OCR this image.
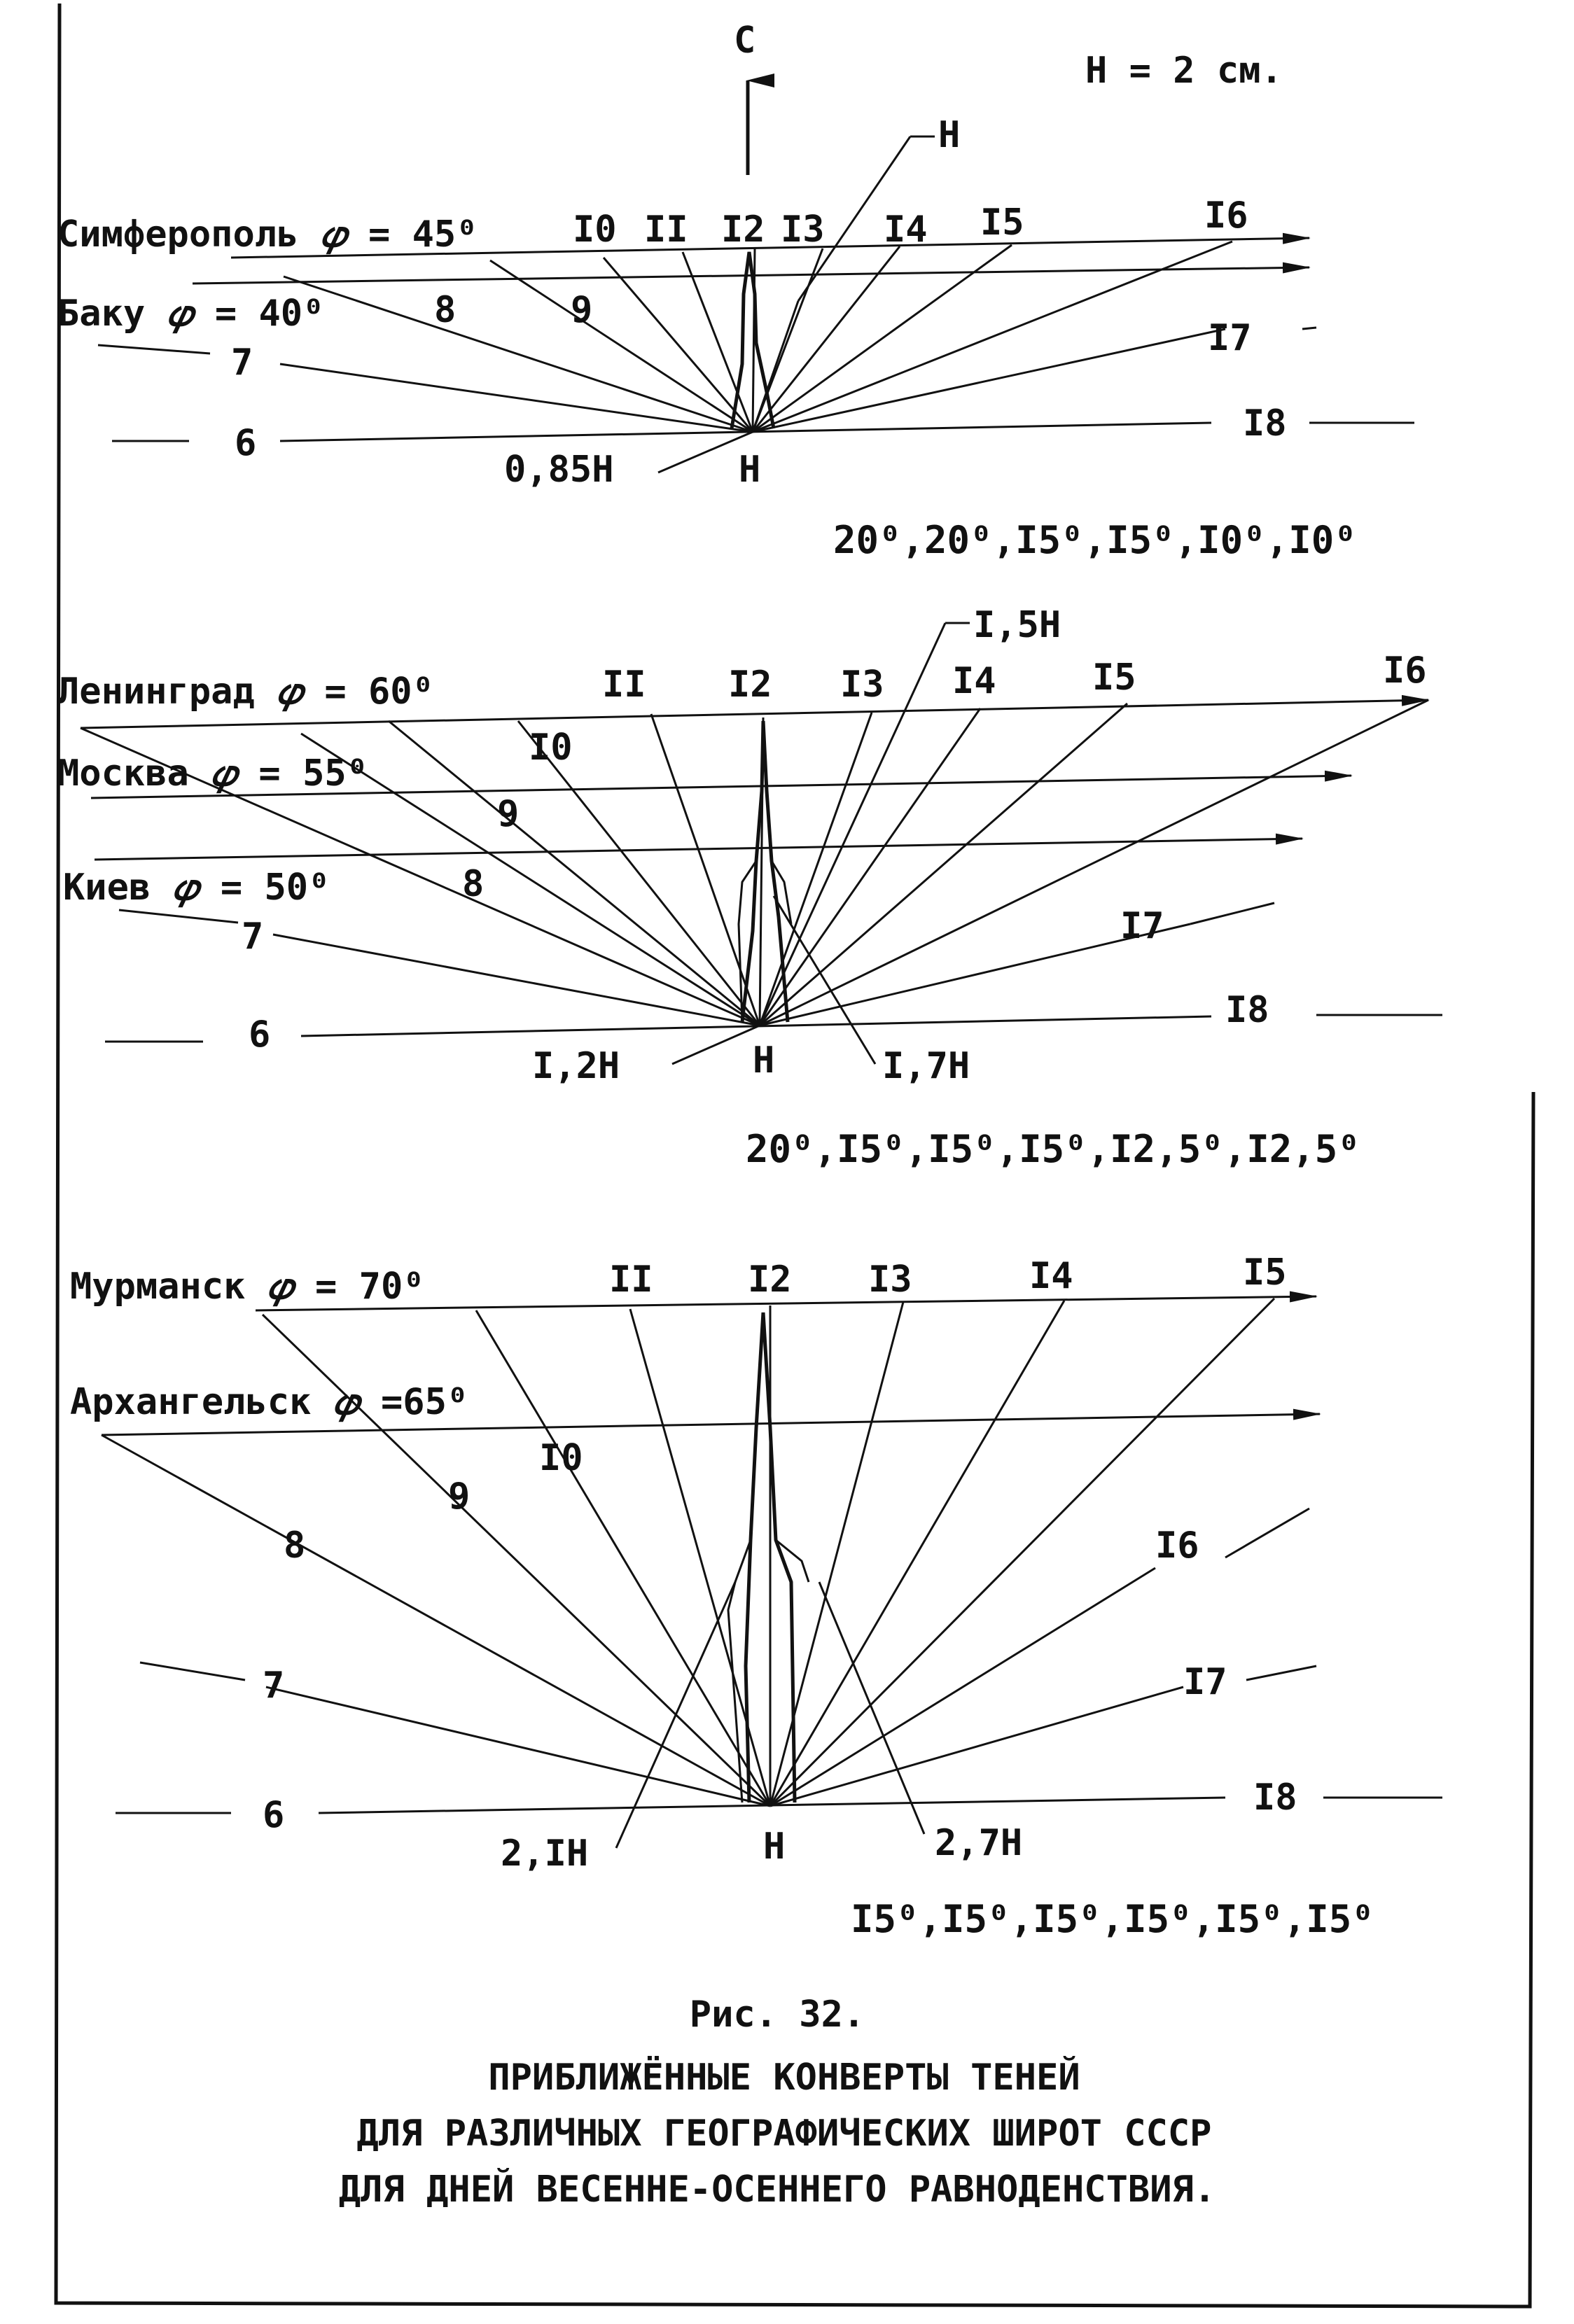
С
Н = 2 см.
Симферополь 𝜑 = 45⁰
Баку 𝜑 = 40⁰
I0 II I2 I3 I4 I5	I6
8	9
7
6
I7
I8
Н
0,85Н	Н
20⁰,20⁰,I5⁰,I5⁰,I0⁰,I0⁰
Ленинград 𝜑 = 60⁰
Москва 𝜑 = 55⁰
Киев 𝜑 = 50⁰
II I2 I3 I4	I5	I6
I0
9
8
7
6
I7
I8
I,5Н
I,2Н	Н	I,7Н
20⁰,I5⁰,I5⁰,I5⁰,I2,5⁰,I2,5⁰
Мурманск 𝜑 = 70⁰
Архангельск 𝜑 =65⁰
II	I2 I3	I4	I5
I0
9
8
7
6
I6
I7
I8
2,IН	Н	2,7Н
I5⁰,I5⁰,I5⁰,I5⁰,I5⁰,I5⁰
Рис. 32.
ПРИБЛИЖЁННЫЕ КОНВЕРТЫ ТЕНЕЙ
ДЛЯ РАЗЛИЧНЫХ ГЕОГРАФИЧЕСКИХ ШИРОТ СССР
ДЛЯ ДНЕЙ ВЕСЕННЕ-ОСЕННЕГО РАВНОДЕНСТВИЯ.
